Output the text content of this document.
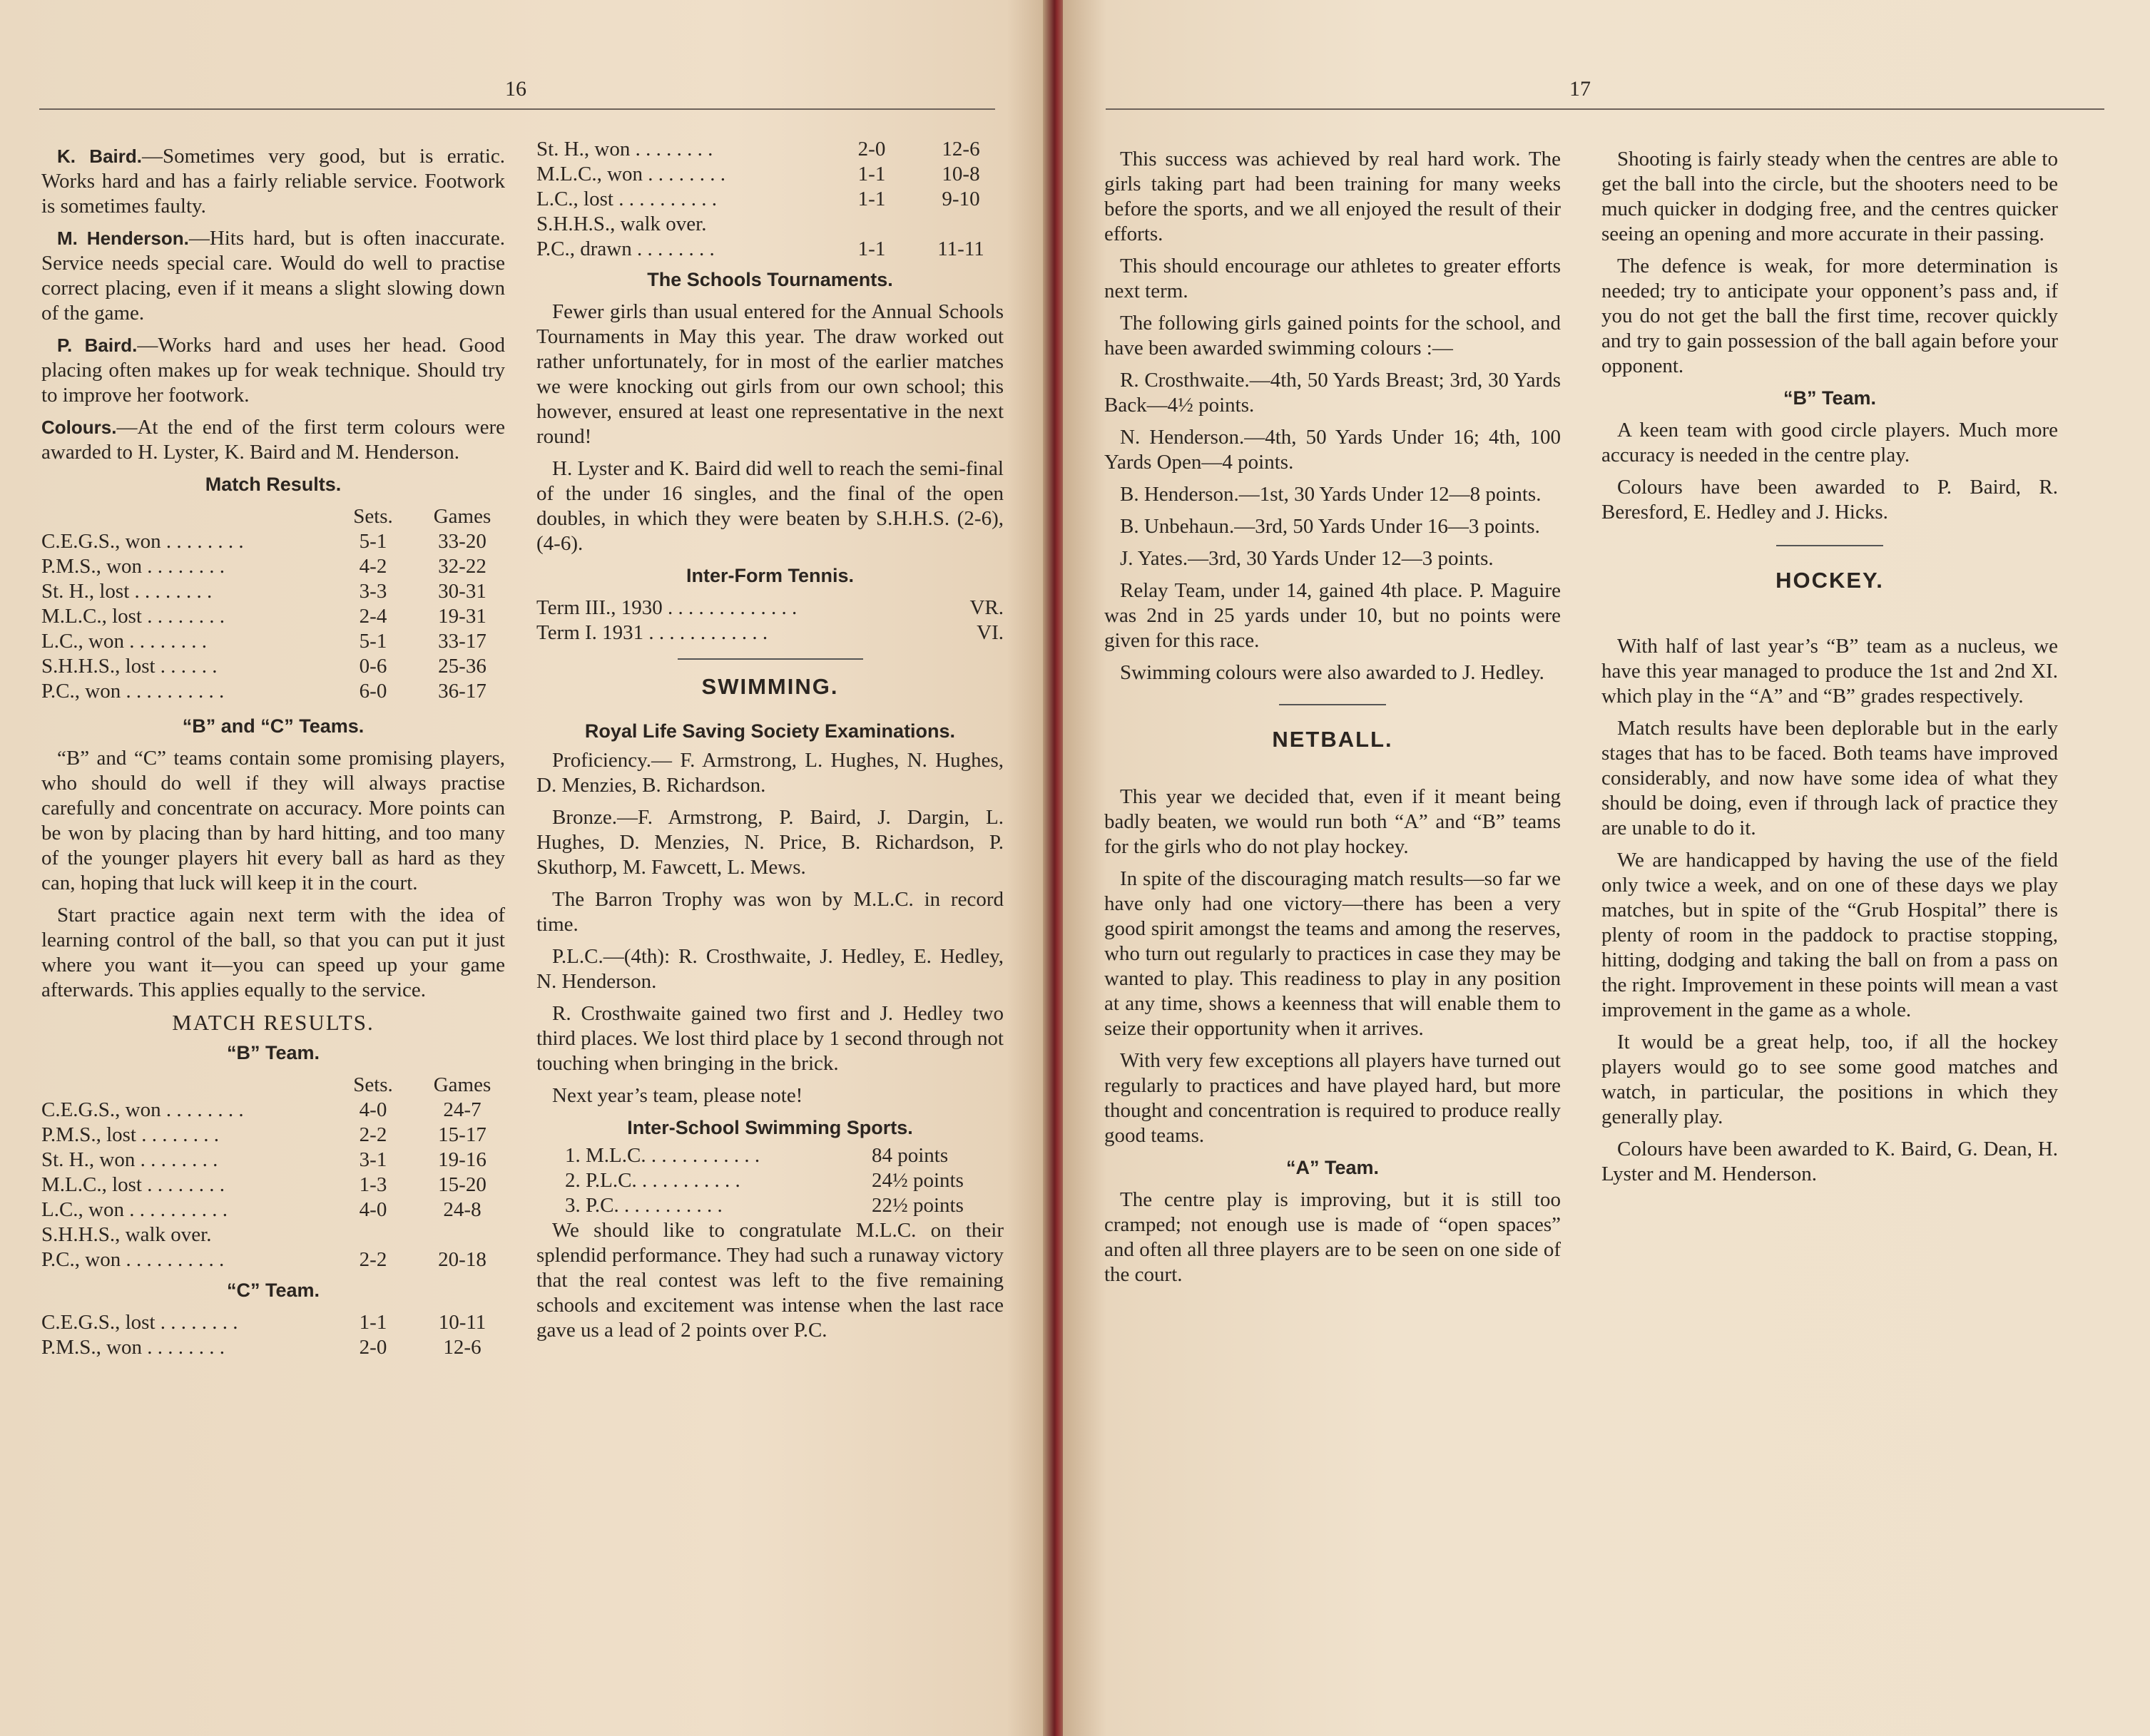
16

K. Baird.—Sometimes very good, but is erratic. Works hard and has a fairly reliable service. Footwork is sometimes faulty.

M. Henderson.—Hits hard, but is often inaccurate. Service needs special care. Would do well to practise correct placing, even if it means a slight slowing down of the game.

P. Baird.—Works hard and uses her head. Good placing often makes up for weak technique. Should try to improve her footwork.

Colours.—At the end of the first term colours were awarded to H. Lyster, K. Baird and M. Henderson.

Match Results.
	Sets.	Games
C.E.G.S., won . . . . . . . .	5-1	33-20
P.M.S., won . . . . . . . .	4-2	32-22
St. H., lost . . . . . . . .	3-3	30-31
M.L.C., lost . . . . . . . .	2-4	19-31
L.C., won . . . . . . . .	5-1	33-17
S.H.H.S., lost . . . . . .	0-6	25-36
P.C., won . . . . . . . . . .	6-0	36-17
“B” and “C” Teams.

“B” and “C” teams contain some promising players, who should do well if they will always practise carefully and concentrate on accuracy. More points can be won by placing than by hard hitting, and too many of the younger players hit every ball as hard as they can, hoping that luck will keep it in the court.

Start practice again next term with the idea of learning control of the ball, so that you can put it just where you want it—you can speed up your game afterwards. This applies equally to the service.

MATCH RESULTS.
“B” Team.
	Sets.	Games
C.E.G.S., won . . . . . . . .	4-0	24-7
P.M.S., lost . . . . . . . .	2-2	15-17
St. H., won . . . . . . . .	3-1	19-16
M.L.C., lost . . . . . . . .	1-3	15-20
L.C., won . . . . . . . . . .	4-0	24-8
S.H.H.S., walk over.		
P.C., won . . . . . . . . . .	2-2	20-18
“C” Team.
C.E.G.S., lost . . . . . . . .	1-1	10-11
P.M.S., won . . . . . . . .	2-0	12-6
St. H., won . . . . . . . .	2-0	12-6
M.L.C., won . . . . . . . .	1-1	10-8
L.C., lost . . . . . . . . . .	1-1	9-10
S.H.H.S., walk over.		
P.C., drawn . . . . . . . .	1-1	11-11
The Schools Tournaments.

Fewer girls than usual entered for the Annual Schools Tournaments in May this year. The draw worked out rather unfortunately, for in most of the earlier matches we were knocking out girls from our own school; this however, ensured at least one representative in the next round!

H. Lyster and K. Baird did well to reach the semi-final of the under 16 singles, and the final of the open doubles, in which they were beaten by S.H.H.S. (2-6), (4-6).

Inter-Form Tennis.
Term III., 1930 . . . . . . . . . . . . .	VR.
Term I. 1931 . . . . . . . . . . . .	VI.
SWIMMING.
Royal Life Saving Society Examinations.

Proficiency.— F. Armstrong, L. Hughes, N. Hughes, D. Menzies, B. Richardson.

Bronze.—F. Armstrong, P. Baird, J. Dargin, L. Hughes, D. Menzies, N. Price, B. Richardson, P. Skuthorp, M. Fawcett, L. Mews.

The Barron Trophy was won by M.L.C. in record time.

P.L.C.—(4th): R. Crosthwaite, J. Hedley, E. Hedley, N. Henderson.

R. Crosthwaite gained two first and J. Hedley two third places. We lost third place by 1 second through not touching when bringing in the brick.

Next year’s team, please note!

Inter-School Swimming Sports.
1. M.L.C. . . . . . . . . . . .	84 points
2. P.L.C. . . . . . . . . . .	24½ points
3. P.C. . . . . . . . . . .	22½ points

We should like to congratulate M.L.C. on their splendid performance. They had such a runaway victory that the real contest was left to the five remaining schools and excitement was intense when the last race gave us a lead of 2 points over P.C.

17

This success was achieved by real hard work. The girls taking part had been training for many weeks before the sports, and we all enjoyed the result of their efforts.

This should encourage our athletes to greater efforts next term.

The following girls gained points for the school, and have been awarded swimming colours :—

R. Crosthwaite.—4th, 50 Yards Breast; 3rd, 30 Yards Back—4½ points.

N. Henderson.—4th, 50 Yards Under 16; 4th, 100 Yards Open—4 points.

B. Henderson.—1st, 30 Yards Under 12—8 points.

B. Unbehaun.—3rd, 50 Yards Under 16—3 points.

J. Yates.—3rd, 30 Yards Under 12—3 points.

Relay Team, under 14, gained 4th place. P. Maguire was 2nd in 25 yards under 10, but no points were given for this race.

Swimming colours were also awarded to J. Hedley.

NETBALL.

This year we decided that, even if it meant being badly beaten, we would run both “A” and “B” teams for the girls who do not play hockey.

In spite of the discouraging match results—so far we have only had one victory—there has been a very good spirit amongst the teams and among the reserves, who turn out regularly to practices in case they may be wanted to play. This readiness to play in any position at any time, shows a keenness that will enable them to seize their opportunity when it arrives.

With very few exceptions all players have turned out regularly to practices and have played hard, but more thought and concentration is required to produce really good teams.

“A” Team.

The centre play is improving, but it is still too cramped; not enough use is made of “open spaces” and often all three players are to be seen on one side of the court.

Shooting is fairly steady when the centres are able to get the ball into the circle, but the shooters need to be much quicker in dodging free, and the centres quicker seeing an opening and more accurate in their passing.

The defence is weak, for more determination is needed; try to anticipate your opponent’s pass and, if you do not get the ball the first time, recover quickly and try to gain possession of the ball again before your opponent.

“B” Team.

A keen team with good circle players. Much more accuracy is needed in the centre play.

Colours have been awarded to P. Baird, R. Beresford, E. Hedley and J. Hicks.

HOCKEY.

With half of last year’s “B” team as a nucleus, we have this year managed to produce the 1st and 2nd XI. which play in the “A” and “B” grades respectively.

Match results have been deplorable but in the early stages that has to be faced. Both teams have improved considerably, and now have some idea of what they should be doing, even if through lack of practice they are unable to do it.

We are handicapped by having the use of the field only twice a week, and on one of these days we play matches, but in spite of the “Grub Hospital” there is plenty of room in the paddock to practise stopping, hitting, dodging and taking the ball on from a pass on the right. Improvement in these points will mean a vast improvement in the game as a whole.

It would be a great help, too, if all the hockey players would go to see some good matches and watch, in particular, the positions in which they generally play.

Colours have been awarded to K. Baird, G. Dean, H. Lyster and M. Henderson.
